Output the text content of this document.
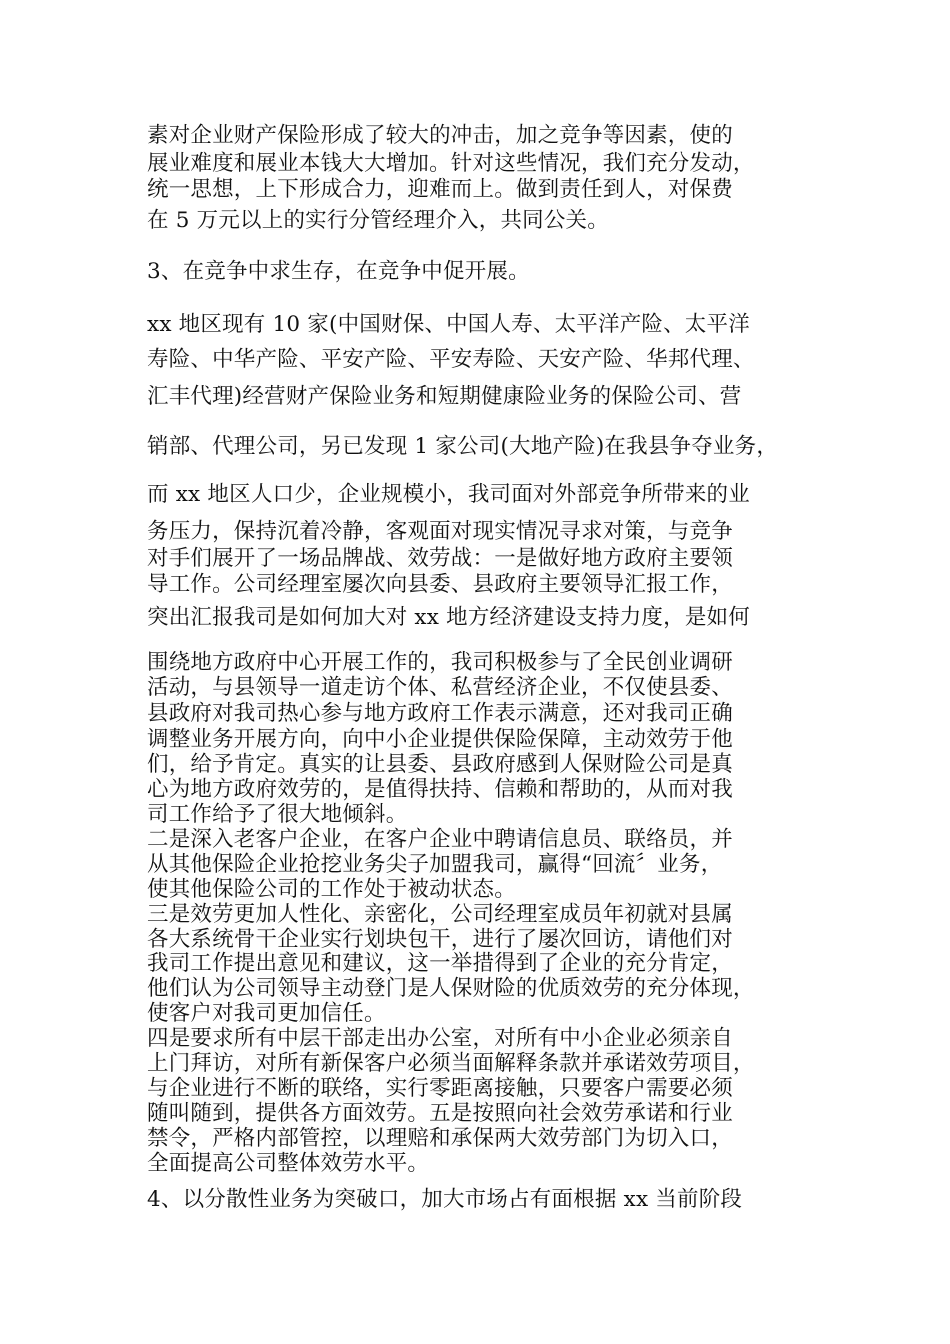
素对企业财产保险形成了较大的冲击，加之竞争等因素，使的
展业难度和展业本钱大大增加。针对这些情况，我们充分发动，
统一思想，上下形成合力，迎难而上。做到责任到人，对保费
在 5 万元以上的实行分管经理介入，共同公关。
3、在竞争中求生存，在竞争中促开展。
xx 地区现有 10 家(中国财保、中国人寿、太平洋产险、太平洋
寿险、中华产险、平安产险、平安寿险、天安产险、华邦代理、
汇丰代理)经营财产保险业务和短期健康险业务的保险公司、营
销部、代理公司，另已发现 1 家公司(大地产险)在我县争夺业务，
而 xx 地区人口少，企业规模小，我司面对外部竞争所带来的业
务压力，保持沉着冷静，客观面对现实情况寻求对策，与竞争
对手们展开了一场品牌战、效劳战：一是做好地方政府主要领
导工作。公司经理室屡次向县委、县政府主要领导汇报工作，
突出汇报我司是如何加大对 xx 地方经济建设支持力度，是如何
围绕地方政府中心开展工作的，我司积极参与了全民创业调研
活动，与县领导一道走访个体、私营经济企业，不仅使县委、
县政府对我司热心参与地方政府工作表示满意，还对我司正确
调整业务开展方向，向中小企业提供保险保障，主动效劳于他
们，给予肯定。真实的让县委、县政府感到人保财险公司是真
心为地方政府效劳的，是值得扶持、信赖和帮助的，从而对我
司工作给予了很大地倾斜。
二是深入老客户企业，在客户企业中聘请信息员、联络员，并
从其他保险企业抢挖业务尖子加盟我司，赢得“回流〞业务，
使其他保险公司的工作处于被动状态。
三是效劳更加人性化、亲密化，公司经理室成员年初就对县属
各大系统骨干企业实行划块包干，进行了屡次回访，请他们对
我司工作提出意见和建议，这一举措得到了企业的充分肯定，
他们认为公司领导主动登门是人保财险的优质效劳的充分体现，
使客户对我司更加信任。
四是要求所有中层干部走出办公室，对所有中小企业必须亲自
上门拜访，对所有新保客户必须当面解释条款并承诺效劳项目，
与企业进行不断的联络，实行零距离接触，只要客户需要必须
随叫随到，提供各方面效劳。五是按照向社会效劳承诺和行业
禁令，严格内部管控，以理赔和承保两大效劳部门为切入口，
全面提高公司整体效劳水平。
4、以分散性业务为突破口，加大市场占有面根据 xx 当前阶段
